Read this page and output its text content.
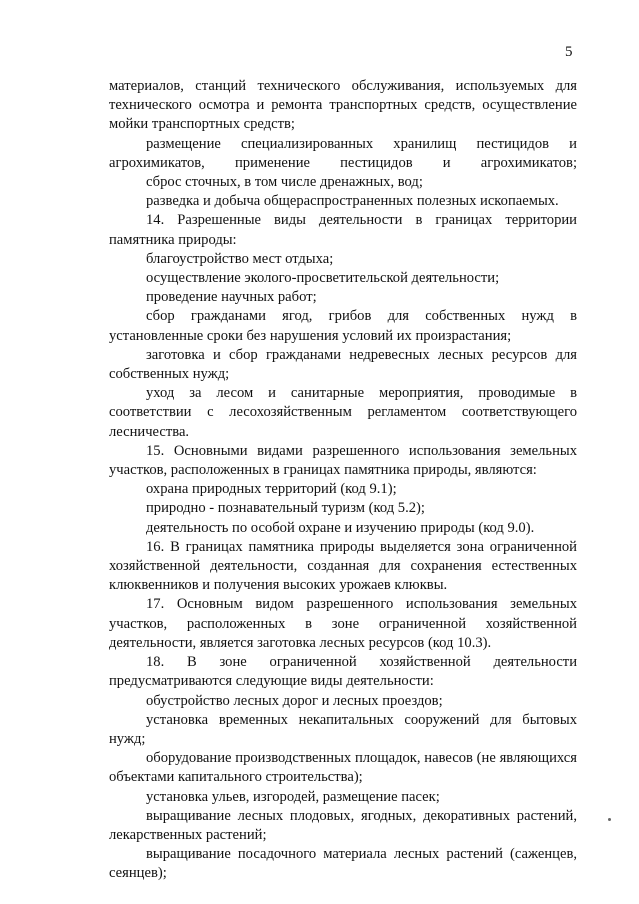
5

материалов, станций технического обслуживания, используемых для технического осмотра и ремонта транспортных средств, осуществление мойки транспортных средств;

размещение специализированных хранилищ пестицидов и агрохимикатов, применение пестицидов и агрохимикатов;

сброс сточных, в том числе дренажных, вод;

разведка и добыча общераспространенных полезных ископаемых.

14. Разрешенные виды деятельности в границах территории памятника природы:

благоустройство мест отдыха;

осуществление эколого-просветительской деятельности;

проведение научных работ;

сбор гражданами ягод, грибов для собственных нужд в установленные сроки без нарушения условий их произрастания;

заготовка и сбор гражданами недревесных лесных ресурсов для собственных нужд;

уход за лесом и санитарные мероприятия, проводимые в соответствии с лесохозяйственным регламентом соответствующего лесничества.

15. Основными видами разрешенного использования земельных участков, расположенных в границах памятника природы, являются:

охрана природных территорий (код 9.1);

природно - познавательный туризм (код 5.2);

деятельность по особой охране и изучению природы (код 9.0).

16. В границах памятника природы выделяется зона ограниченной хозяйственной деятельности, созданная для сохранения естественных клюквенников и получения высоких урожаев клюквы.

17. Основным видом разрешенного использования земельных участков, расположенных в зоне ограниченной хозяйственной деятельности, является заготовка лесных ресурсов (код 10.3).

18. В зоне ограниченной хозяйственной деятельности предусматриваются следующие виды деятельности:

обустройство лесных дорог и лесных проездов;

установка временных некапитальных сооружений для бытовых нужд;

оборудование производственных площадок, навесов (не являющихся объектами капитального строительства);

установка ульев, изгородей, размещение пасек;

выращивание лесных плодовых, ягодных, декоративных растений, лекарственных растений;

выращивание посадочного материала лесных растений (саженцев, сеянцев);
